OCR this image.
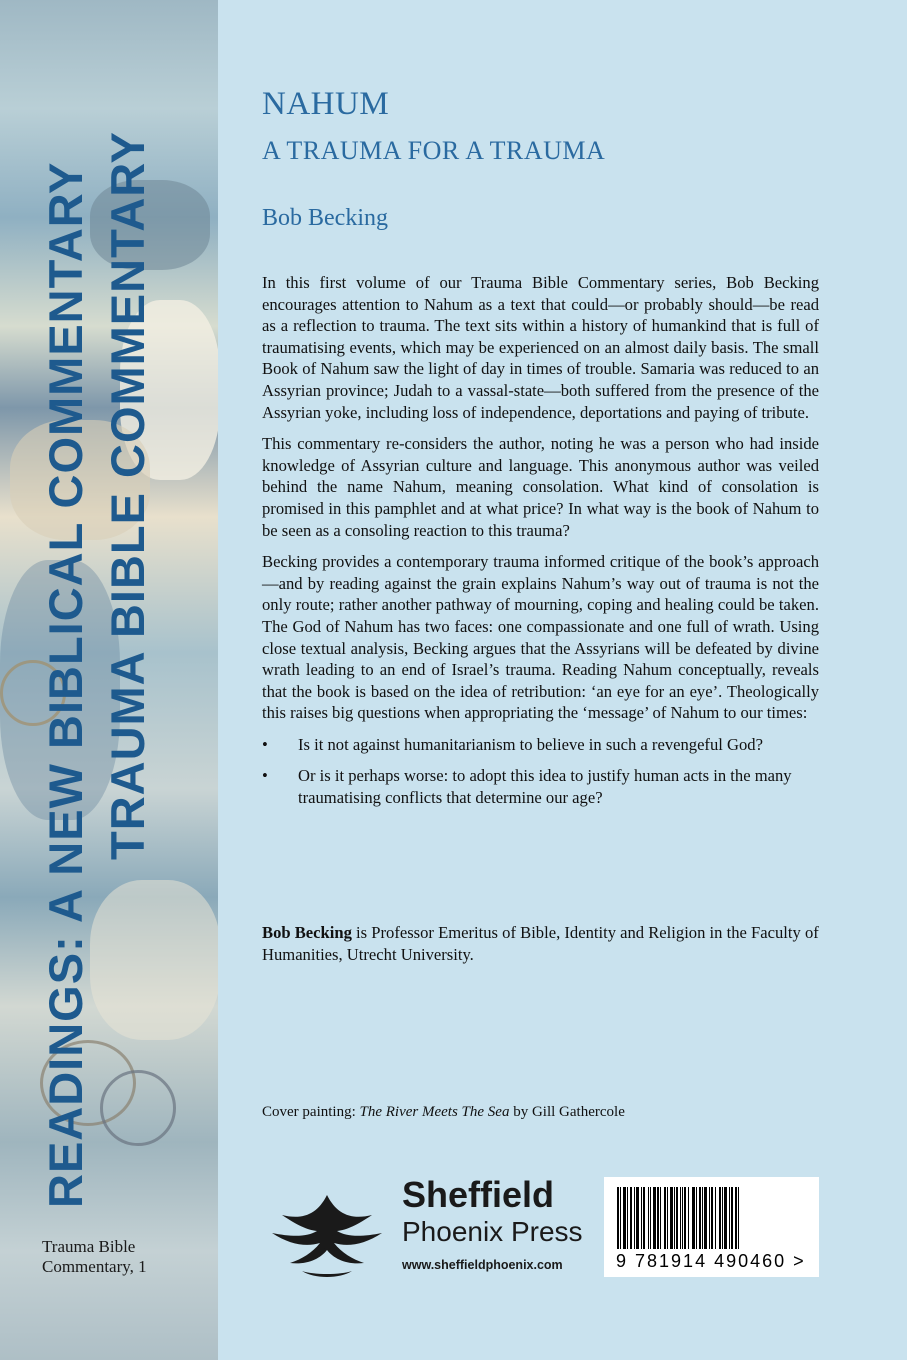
READINGS: A NEW BIBLICAL COMMENTARY TRAUMA BIBLE COMMENTARY
Trauma Bible
Commentary, 1
NAHUM
A TRAUMA FOR A TRAUMA
Bob Becking

In this first volume of our Trauma Bible Commentary series, Bob Becking encourages attention to Nahum as a text that could—or probably should—be read as a reflection to trauma. The text sits within a history of humankind that is full of traumatising events, which may be experienced on an almost daily basis. The small Book of Nahum saw the light of day in times of trouble. Samaria was reduced to an Assyrian province; Judah to a vassal-state—both suffered from the presence of the Assyrian yoke, including loss of independence, deportations and paying of tribute.

This commentary re-considers the author, noting he was a person who had inside knowledge of Assyrian culture and language. This anonymous author was veiled behind the name Nahum, meaning consolation. What kind of consolation is promised in this pamphlet and at what price? In what way is the book of Nahum to be seen as a consoling reaction to this trauma?

Becking provides a contemporary trauma informed critique of the book’s approach—and by reading against the grain explains Nahum’s way out of trauma is not the only route; rather another pathway of mourning, coping and healing could be taken. The God of Nahum has two faces: one compassionate and one full of wrath. Using close textual analysis, Becking argues that the Assyrians will be defeated by divine wrath leading to an end of Israel’s trauma. Reading Nahum conceptually, reveals that the book is based on the idea of retribution: ‘an eye for an eye’. Theologically this raises big questions when appropriating the ‘message’ of Nahum to our times:

• Is it not against humanitarianism to believe in such a revengeful God?
• Or is it perhaps worse: to adopt this idea to justify human acts in the many traumatising conflicts that determine our age?
Bob Becking is Professor Emeritus of Bible, Identity and Religion in the Faculty of Humanities, Utrecht University.
Cover painting: The River Meets The Sea by Gill Gathercole
Sheffield
Phoenix Press
www.sheffieldphoenix.com	9 781914 490460 >
